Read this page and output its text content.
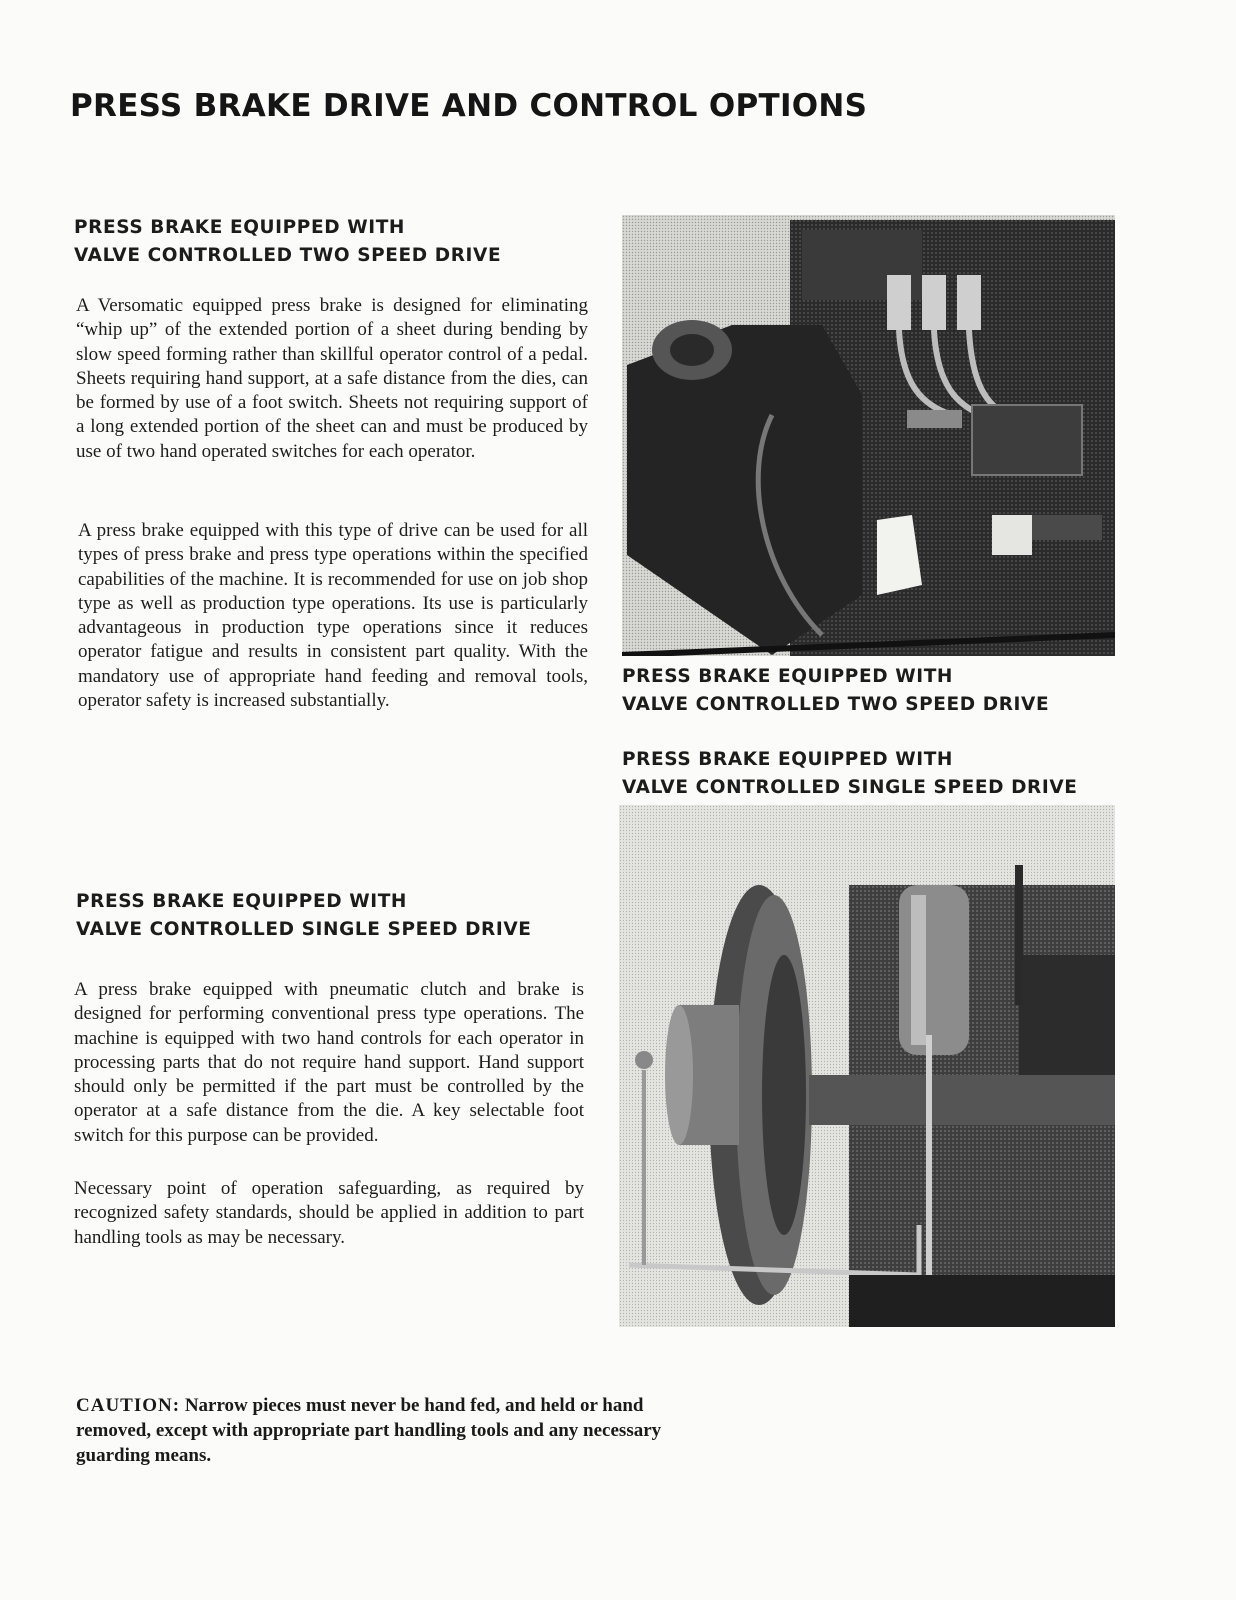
PRESS BRAKE DRIVE AND CONTROL OPTIONS
PRESS BRAKE EQUIPPED WITH
VALVE CONTROLLED TWO SPEED DRIVE

A Versomatic equipped press brake is designed for eliminating “whip up” of the extended portion of a sheet during bending by slow speed forming rather than skillful operator control of a pedal. Sheets requiring hand support, at a safe distance from the dies, can be formed by use of a foot switch. Sheets not requiring support of a long extended portion of the sheet can and must be produced by use of two hand operated switches for each operator.

A press brake equipped with this type of drive can be used for all types of press brake and press type operations within the specified capabilities of the machine. It is recommended for use on job shop type as well as production type operations. Its use is particularly advantageous in production type operations since it reduces operator fatigue and results in consistent part quality. With the mandatory use of appropriate hand feeding and removal tools, operator safety is increased substantially.

PRESS BRAKE EQUIPPED WITH
VALVE CONTROLLED TWO SPEED DRIVE
PRESS BRAKE EQUIPPED WITH
VALVE CONTROLLED SINGLE SPEED DRIVE
PRESS BRAKE EQUIPPED WITH
VALVE CONTROLLED SINGLE SPEED DRIVE

A press brake equipped with pneumatic clutch and brake is designed for performing conventional press type operations. The machine is equipped with two hand controls for each operator in processing parts that do not require hand support. Hand support should only be permitted if the part must be controlled by the operator at a safe distance from the die. A key selectable foot switch for this purpose can be provided.

Necessary point of operation safeguarding, as required by recognized safety standards, should be applied in addition to part handling tools as may be necessary.

CAUTION: Narrow pieces must never be hand fed, and held or hand removed, except with appropriate part handling tools and any necessary guarding means.
